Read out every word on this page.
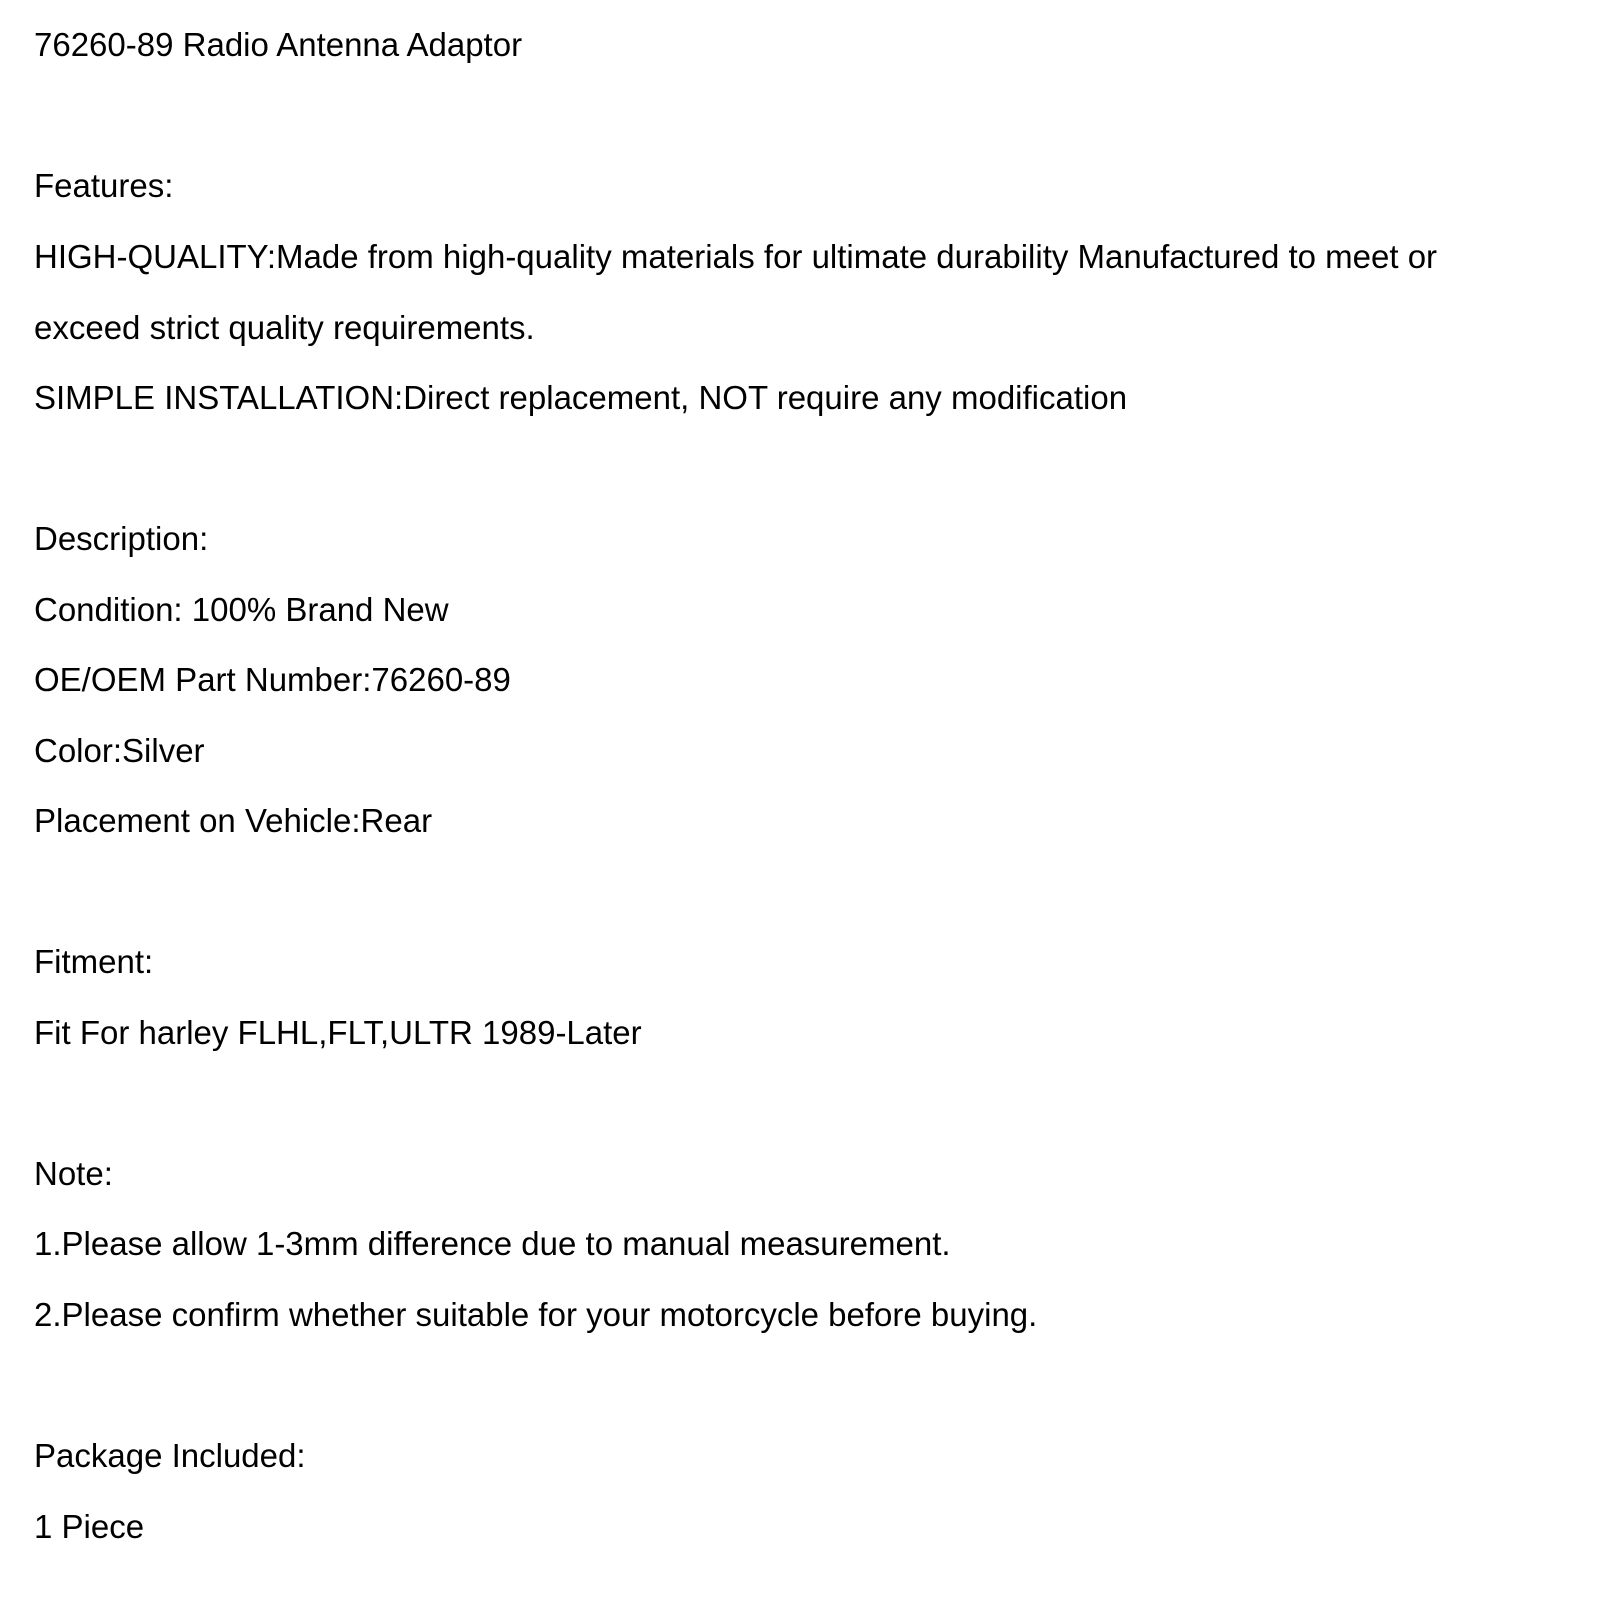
76260-89 Radio Antenna Adaptor

Features:

HIGH-QUALITY:Made from high-quality materials for ultimate durability Manufactured to meet or

exceed strict quality requirements.

SIMPLE INSTALLATION:Direct replacement, NOT require any modification

Description:

Condition: 100% Brand New

OE/OEM Part Number:76260-89

Color:Silver

Placement on Vehicle:Rear

Fitment:

Fit For harley FLHL,FLT,ULTR 1989-Later

Note:

1.Please allow 1-3mm difference due to manual measurement.

2.Please confirm whether suitable for your motorcycle before buying.

Package Included:

1 Piece
